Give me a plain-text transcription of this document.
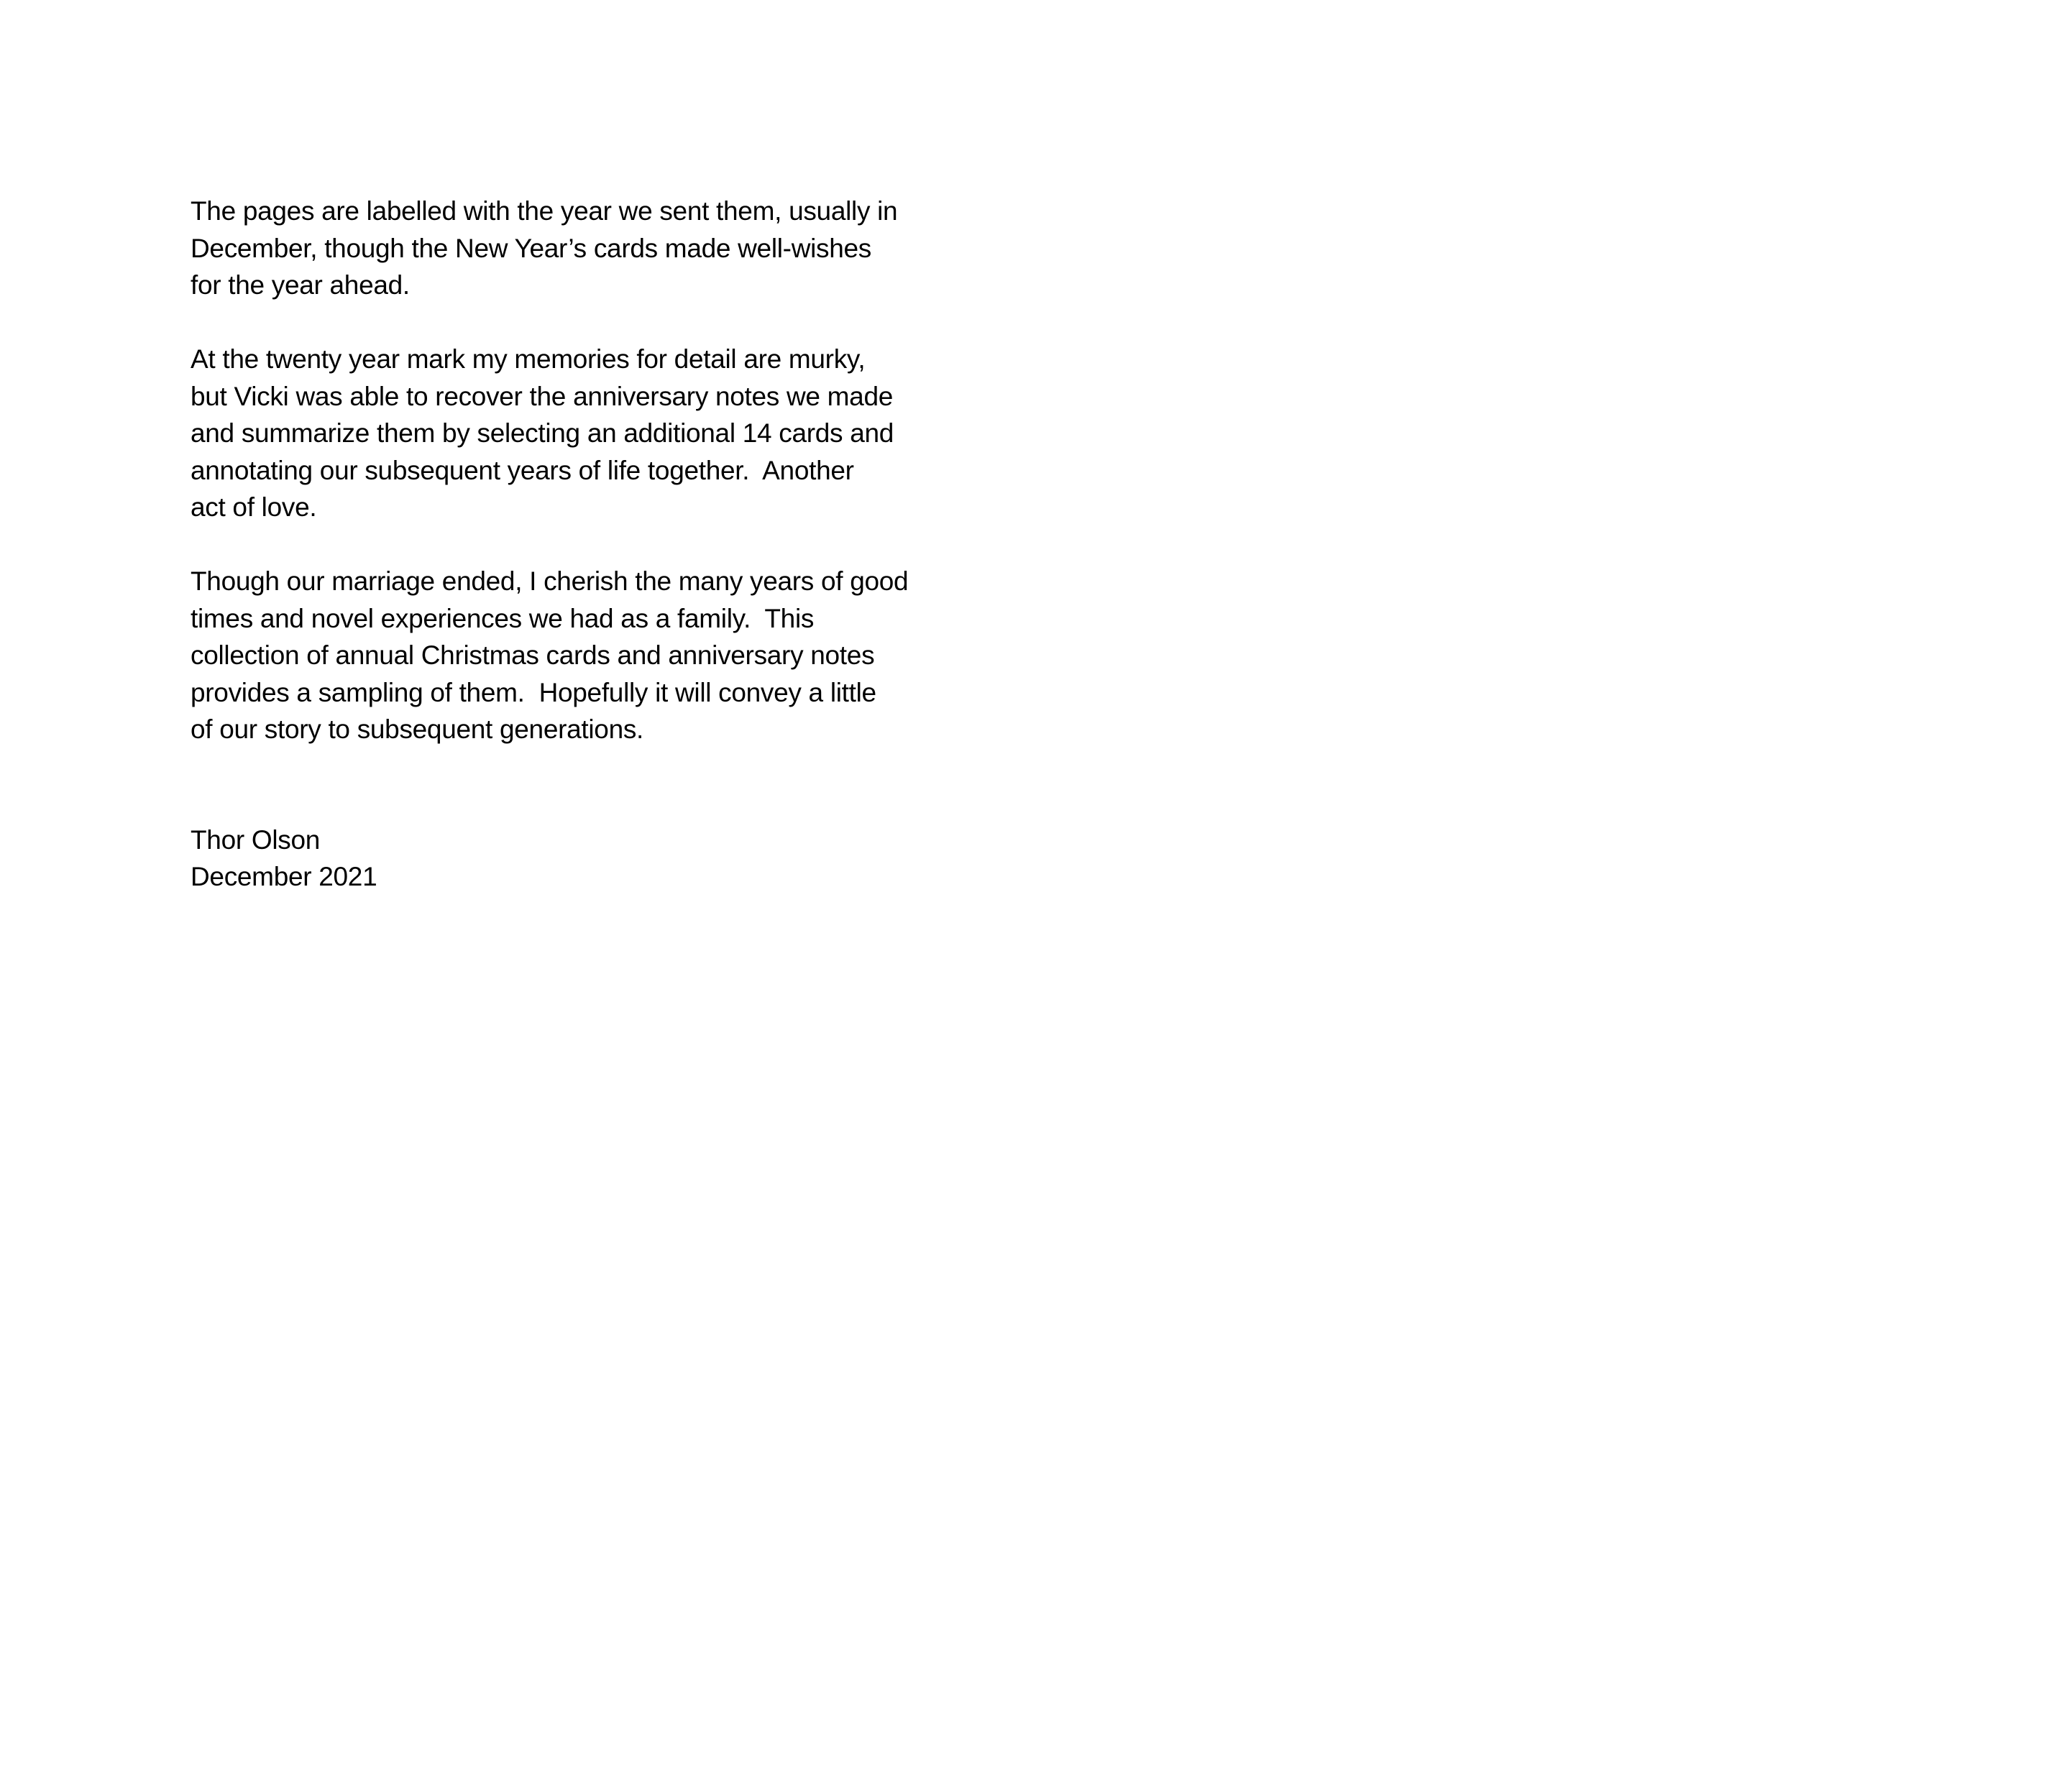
The pages are labelled with the year we sent them, usually in
December, though the New Year’s cards made well-wishes
for the year ahead.

At the twenty year mark my memories for detail are murky,
but Vicki was able to recover the anniversary notes we made
and summarize them by selecting an additional 14 cards and
annotating our subsequent years of life together.  Another
act of love.

Though our marriage ended, I cherish the many years of good
times and novel experiences we had as a family.  This
collection of annual Christmas cards and anniversary notes
provides a sampling of them.  Hopefully it will convey a little
of our story to subsequent generations.

Thor Olson
December 2021
